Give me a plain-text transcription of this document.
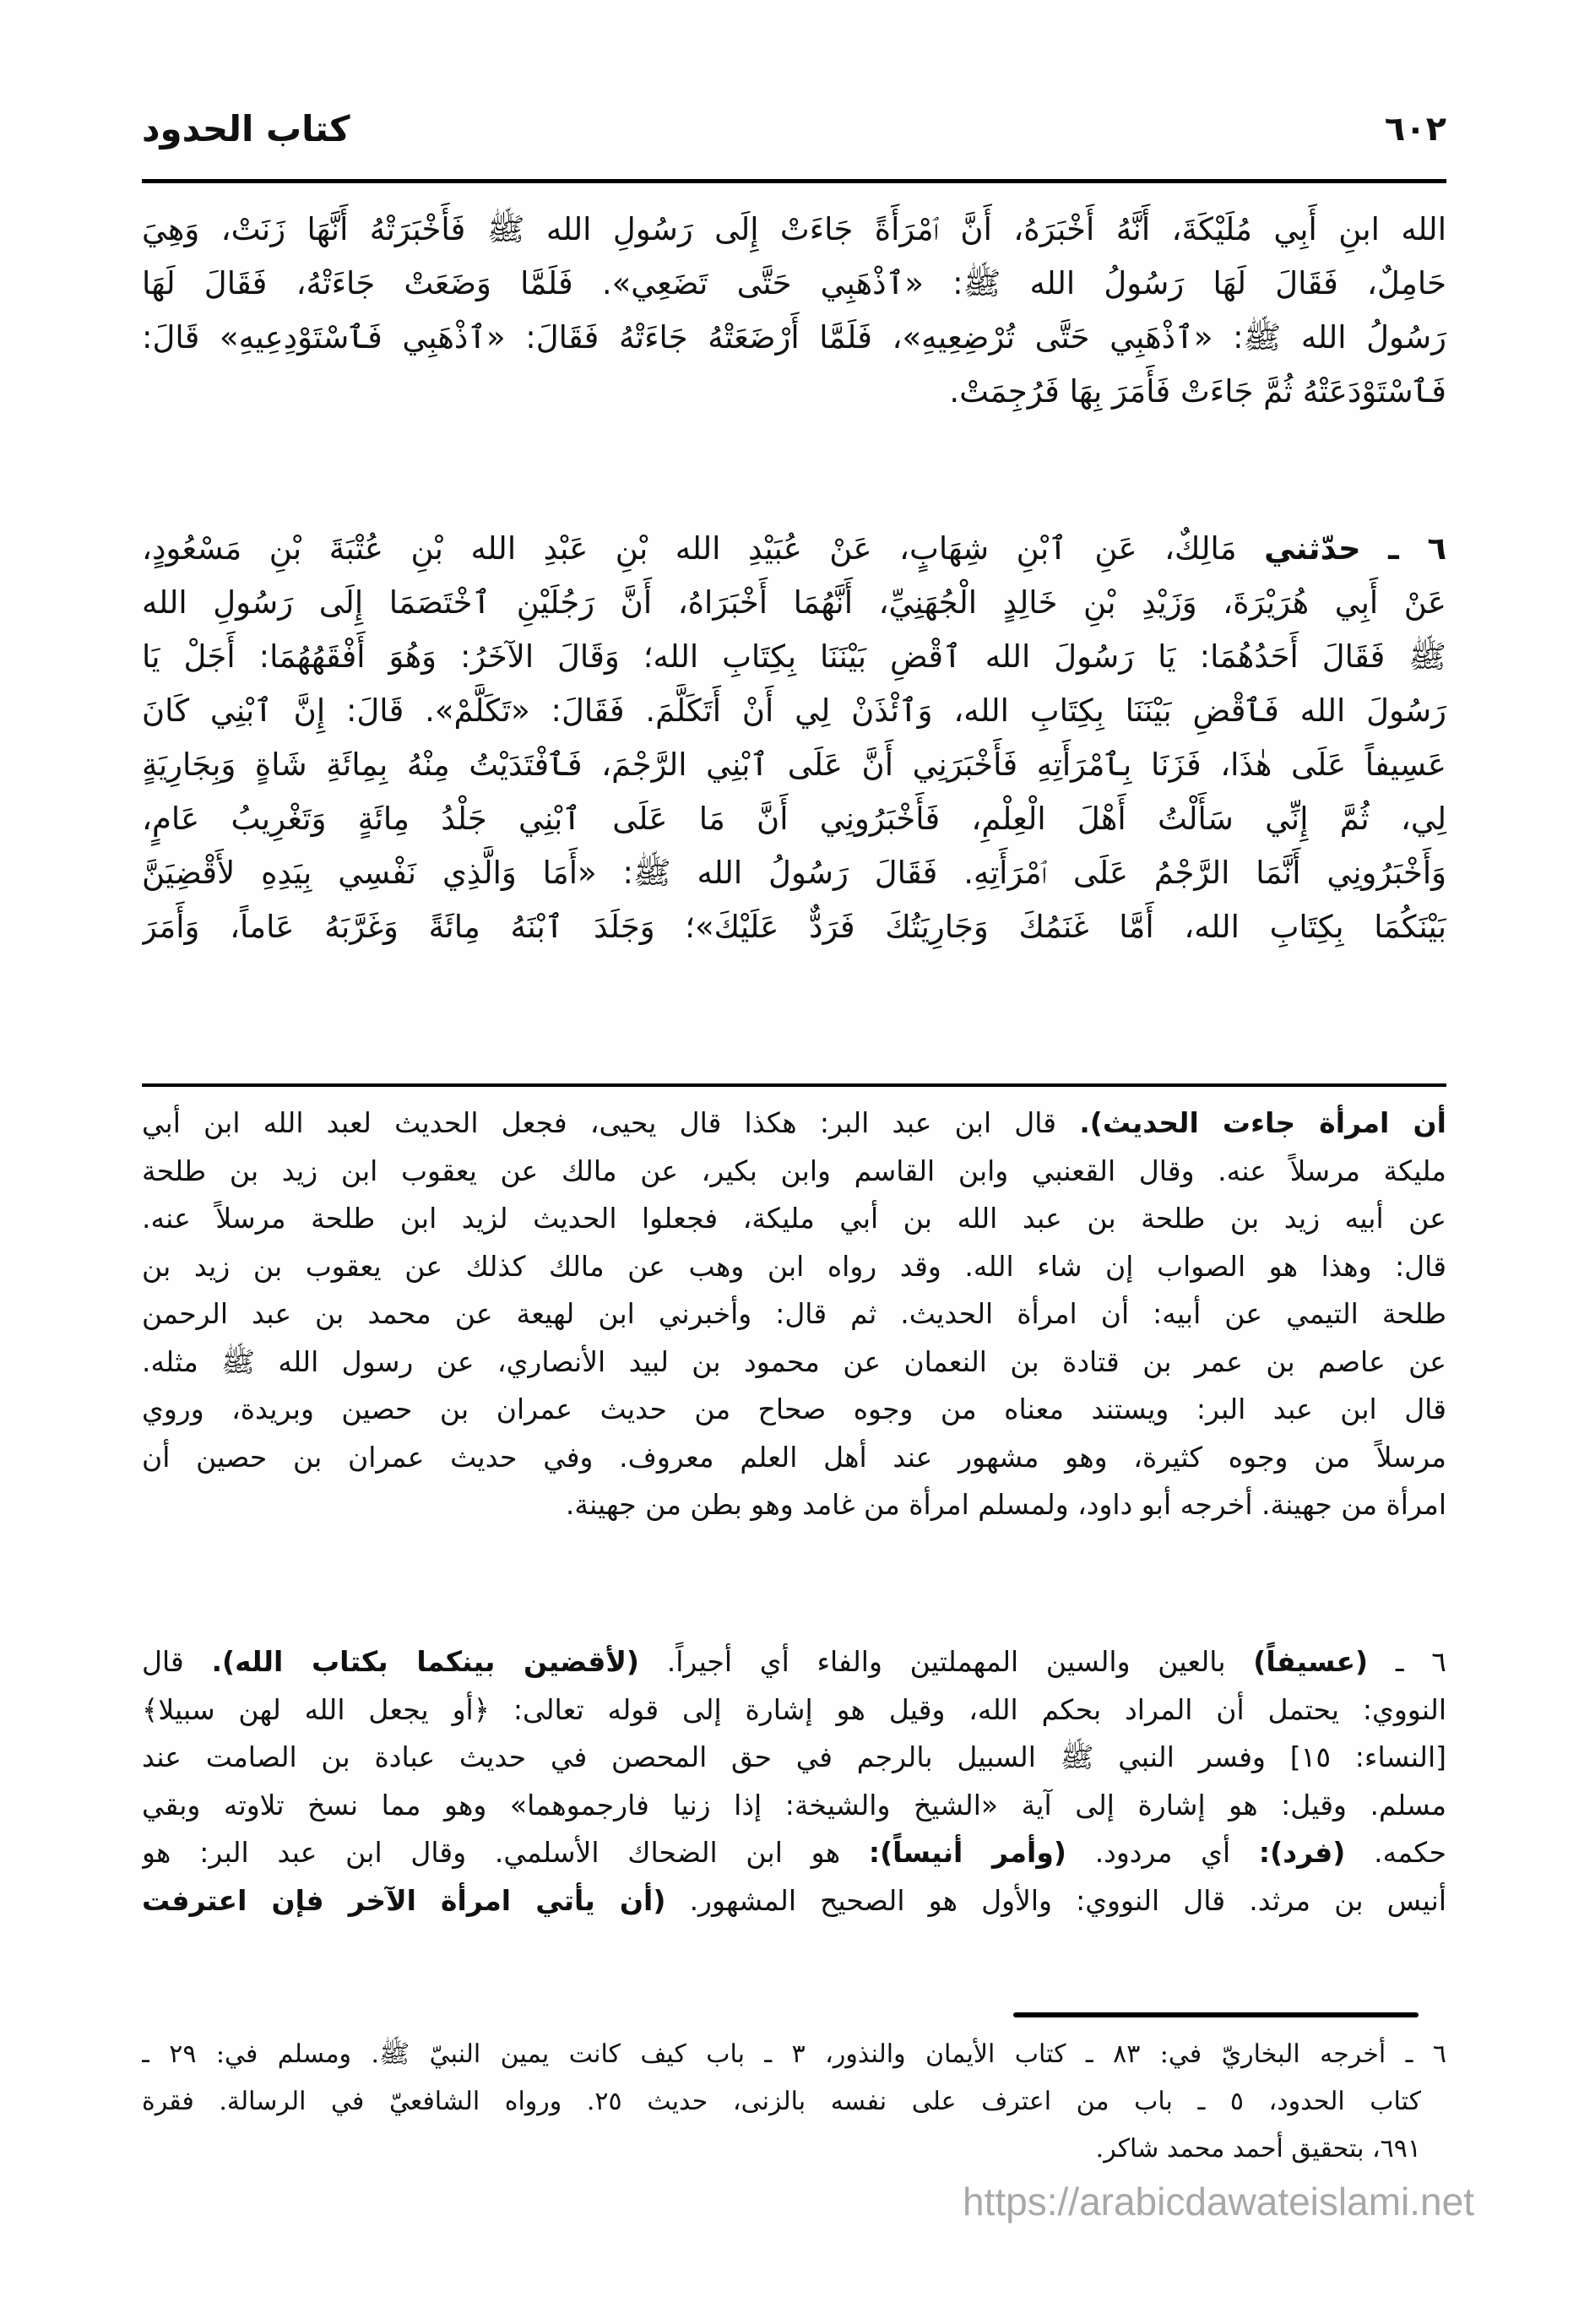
٦٠٢
كتاب الحدود
الله ابنِ أَبِي مُلَيْكَةَ، أَنَّهُ أَخْبَرَهُ، أَنَّ ٱمْرَأَةً جَاءَتْ إِلَى رَسُولِ الله ﷺ فَأَخْبَرَتْهُ أَنَّهَا زَنَتْ، وَهِيَ
حَامِلٌ، فَقَالَ لَهَا رَسُولُ الله ﷺ: «ٱذْهَبِي حَتَّى تَضَعِي». فَلَمَّا وَضَعَتْ جَاءَتْهُ، فَقَالَ لَهَا
رَسُولُ الله ﷺ: «ٱذْهَبِي حَتَّى تُرْضِعِيهِ»، فَلَمَّا أَرْضَعَتْهُ جَاءَتْهُ فَقَالَ: «ٱذْهَبِي فَٱسْتَوْدِعِيهِ» قَالَ:
فَٱسْتَوْدَعَتْهُ ثُمَّ جَاءَتْ فَأَمَرَ بِهَا فَرُجِمَتْ.
٦ ـ حدّثني مَالِكٌ، عَنِ ٱبْنِ شِهَابٍ، عَنْ عُبَيْدِ الله بْنِ عَبْدِ الله بْنِ عُتْبَةَ بْنِ مَسْعُودٍ،
عَنْ أَبِي هُرَيْرَةَ، وَزَيْدِ بْنِ خَالِدٍ الْجُهَنِيِّ، أَنَّهُمَا أَخْبَرَاهُ، أَنَّ رَجُلَيْنِ ٱخْتَصَمَا إِلَى رَسُولِ الله
ﷺ فَقَالَ أَحَدُهُمَا: يَا رَسُولَ الله ٱقْضِ بَيْنَنَا بِكِتَابِ الله؛ وَقَالَ الآخَرُ: وَهُوَ أَفْقَهُهُمَا: أَجَلْ يَا
رَسُولَ الله فَٱقْضِ بَيْنَنَا بِكِتَابِ الله، وَٱئْذَنْ لِي أَنْ أَتَكَلَّمَ. فَقَالَ: «تَكَلَّمْ». قَالَ: إِنَّ ٱبْنِي كَانَ
عَسِيفاً عَلَى هٰذَا، فَزَنَا بِٱمْرَأَتِهِ فَأَخْبَرَنِي أَنَّ عَلَى ٱبْنِي الرَّجْمَ، فَٱفْتَدَيْتُ مِنْهُ بِمِائَةِ شَاةٍ وَبِجَارِيَةٍ
لِي، ثُمَّ إِنِّي سَأَلْتُ أَهْلَ الْعِلْمِ، فَأَخْبَرُونِي أَنَّ مَا عَلَى ٱبْنِي جَلْدُ مِائَةٍ وَتَغْرِيبُ عَامٍ،
وَأَخْبَرُونِي أَنَّمَا الرَّجْمُ عَلَى ٱمْرَأَتِهِ. فَقَالَ رَسُولُ الله ﷺ: «أَمَا وَالَّذِي نَفْسِي بِيَدِهِ لأَقْضِيَنَّ
بَيْنَكُمَا بِكِتَابِ الله، أَمَّا غَنَمُكَ وَجَارِيَتُكَ فَرَدٌّ عَلَيْكَ»؛ وَجَلَدَ ٱبْنَهُ مِائَةً وَغَرَّبَهُ عَاماً، وَأَمَرَ
أن امرأة جاءت الحديث). قال ابن عبد البر: هكذا قال يحيى، فجعل الحديث لعبد الله ابن أبي
مليكة مرسلاً عنه. وقال القعنبي وابن القاسم وابن بكير، عن مالك عن يعقوب ابن زيد بن طلحة
عن أبيه زيد بن طلحة بن عبد الله بن أبي مليكة، فجعلوا الحديث لزيد ابن طلحة مرسلاً عنه.
قال: وهذا هو الصواب إن شاء الله. وقد رواه ابن وهب عن مالك كذلك عن يعقوب بن زيد بن
طلحة التيمي عن أبيه: أن امرأة الحديث. ثم قال: وأخبرني ابن لهيعة عن محمد بن عبد الرحمن
عن عاصم بن عمر بن قتادة بن النعمان عن محمود بن لبيد الأنصاري، عن رسول الله ﷺ مثله.
قال ابن عبد البر: ويستند معناه من وجوه صحاح من حديث عمران بن حصين وبريدة، وروي
مرسلاً من وجوه كثيرة، وهو مشهور عند أهل العلم معروف. وفي حديث عمران بن حصين أن
امرأة من جهينة. أخرجه أبو داود، ولمسلم امرأة من غامد وهو بطن من جهينة.
٦ ـ (عسيفاً) بالعين والسين المهملتين والفاء أي أجيراً. (لأقضين بينكما بكتاب الله). قال
النووي: يحتمل أن المراد بحكم الله، وقيل هو إشارة إلى قوله تعالى: ﴿أو يجعل الله لهن سبيلا﴾
[النساء: ١٥] وفسر النبي ﷺ السبيل بالرجم في حق المحصن في حديث عبادة بن الصامت عند
مسلم. وقيل: هو إشارة إلى آية «الشيخ والشيخة: إذا زنيا فارجموهما» وهو مما نسخ تلاوته وبقي
حكمه. (فرد): أي مردود. (وأمر أنيساً): هو ابن الضحاك الأسلمي. وقال ابن عبد البر: هو
أنيس بن مرثد. قال النووي: والأول هو الصحيح المشهور. (أن يأتي امرأة الآخر فإن اعترفت
٦ ـ أخرجه البخاريّ في: ٨٣ ـ كتاب الأيمان والنذور، ٣ ـ باب كيف كانت يمين النبيّ ﷺ. ومسلم في: ٢٩ ـ
كتاب الحدود، ٥ ـ باب من اعترف على نفسه بالزنى، حديث ٢٥. ورواه الشافعيّ في الرسالة. فقرة
٦٩١، بتحقيق أحمد محمد شاكر.
https://arabicdawateislami.net
